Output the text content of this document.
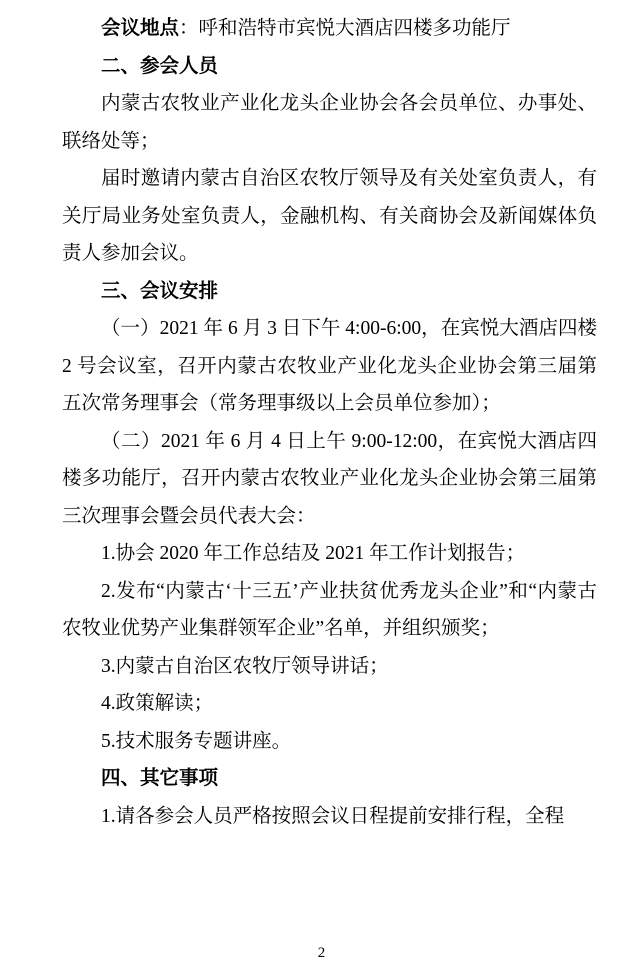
会议地点：呼和浩特市宾悦大酒店四楼多功能厅

二、参会人员

内蒙古农牧业产业化龙头企业协会各会员单位、办事处、联络处等；

届时邀请内蒙古自治区农牧厅领导及有关处室负责人，有关厅局业务处室负责人，金融机构、有关商协会及新闻媒体负责人参加会议。

三、会议安排

（一）2021 年 6 月 3 日下午 4:00-6:00，在宾悦大酒店四楼 2 号会议室，召开内蒙古农牧业产业化龙头企业协会第三届第五次常务理事会（常务理事级以上会员单位参加）；

（二）2021 年 6 月 4 日上午 9:00-12:00，在宾悦大酒店四楼多功能厅，召开内蒙古农牧业产业化龙头企业协会第三届第三次理事会暨会员代表大会：

1.协会 2020 年工作总结及 2021 年工作计划报告；

2.发布“内蒙古‘十三五’产业扶贫优秀龙头企业”和“内蒙古农牧业优势产业集群领军企业”名单，并组织颁奖；

3.内蒙古自治区农牧厅领导讲话；

4.政策解读；

5.技术服务专题讲座。

四、其它事项

1.请各参会人员严格按照会议日程提前安排行程，全程

2
